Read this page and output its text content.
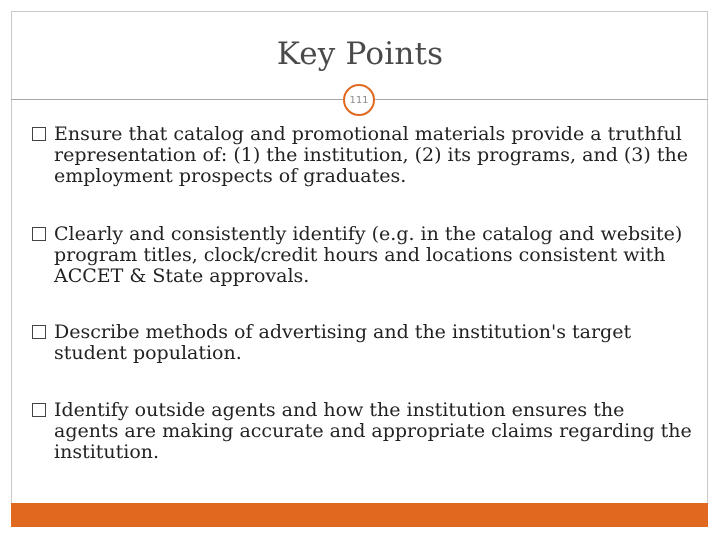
Key Points
111
Ensure that catalog and promotional materials provide a truthful representation of: (1) the institution, (2) its programs, and (3) the employment prospects of graduates.
Clearly and consistently identify (e.g. in the catalog and website) program titles, clock/credit hours and locations consistent with ACCET & State approvals.
Describe methods of advertising and the institution's target student population.
Identify outside agents and how the institution ensures the agents are making accurate and appropriate claims regarding the institution.
